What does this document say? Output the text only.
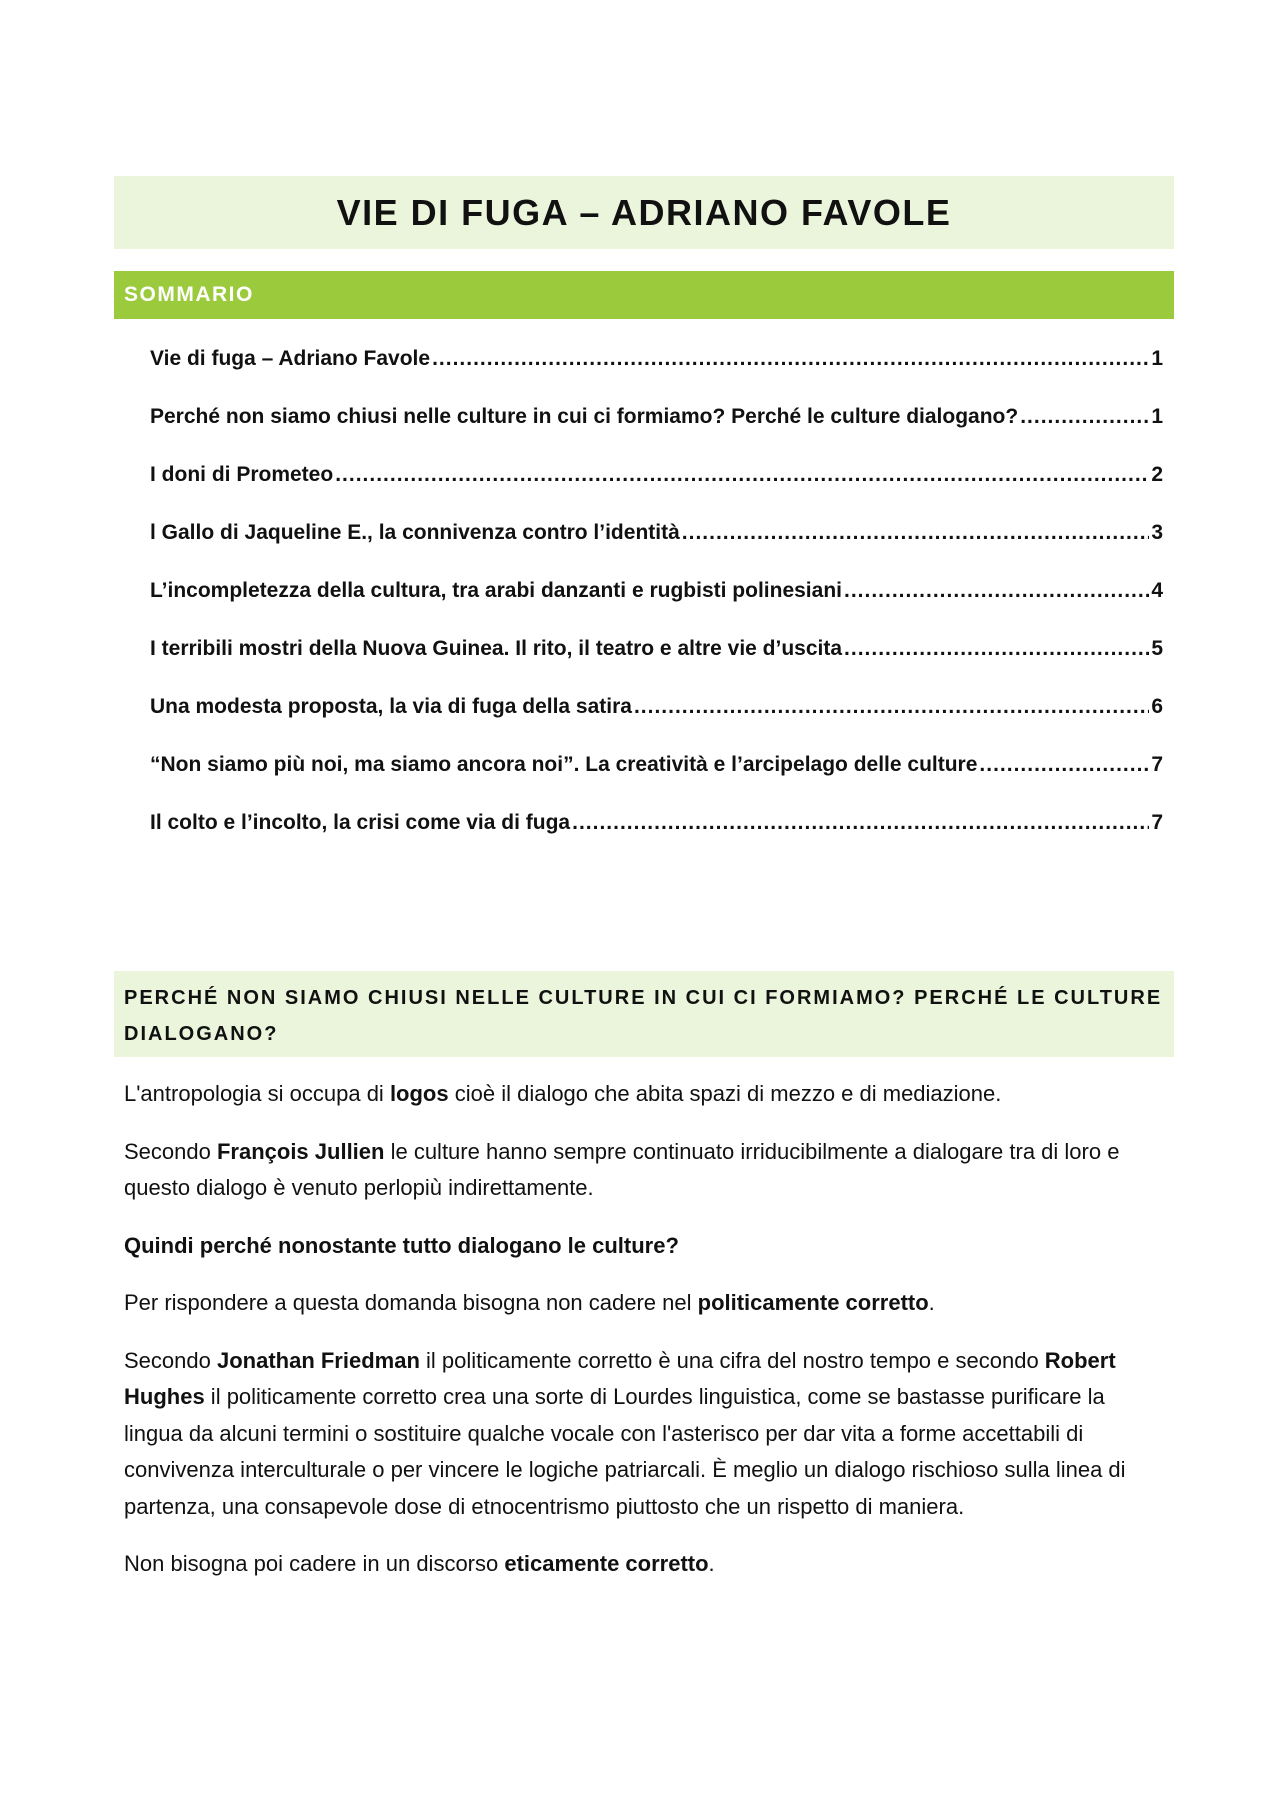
VIE DI FUGA – ADRIANO FAVOLE
SOMMARIO
Vie di fuga – Adriano Favole .....	1
Perché non siamo chiusi nelle culture in cui ci formiamo? Perché le culture dialogano? .....	1
I doni di Prometeo .....	2
l Gallo di Jaqueline E., la connivenza contro l’identità .....	3
L’incompletezza della cultura, tra arabi danzanti e rugbisti polinesiani .....	4
I terribili mostri della Nuova Guinea. Il rito, il teatro e altre vie d’uscita .....	5
Una modesta proposta, la via di fuga della satira .....	6
“Non siamo più noi, ma siamo ancora noi”. La creatività e l’arcipelago delle culture .....	7
Il colto e l’incolto, la crisi come via di fuga .....	7
PERCHÉ NON SIAMO CHIUSI NELLE CULTURE IN CUI CI FORMIAMO? PERCHÉ LE CULTURE DIALOGANO?

L'antropologia si occupa di logos cioè il dialogo che abita spazi di mezzo e di mediazione.

Secondo François Jullien le culture hanno sempre continuato irriducibilmente a dialogare tra di loro e questo dialogo è venuto perlopiù indirettamente.

Quindi perché nonostante tutto dialogano le culture?

Per rispondere a questa domanda bisogna non cadere nel politicamente corretto.

Secondo Jonathan Friedman il politicamente corretto è una cifra del nostro tempo e secondo Robert Hughes il politicamente corretto crea una sorte di Lourdes linguistica, come se bastasse purificare la lingua da alcuni termini o sostituire qualche vocale con l'asterisco per dar vita a forme accettabili di convivenza interculturale o per vincere le logiche patriarcali. È meglio un dialogo rischioso sulla linea di partenza, una consapevole dose di etnocentrismo piuttosto che un rispetto di maniera.

Non bisogna poi cadere in un discorso eticamente corretto.
